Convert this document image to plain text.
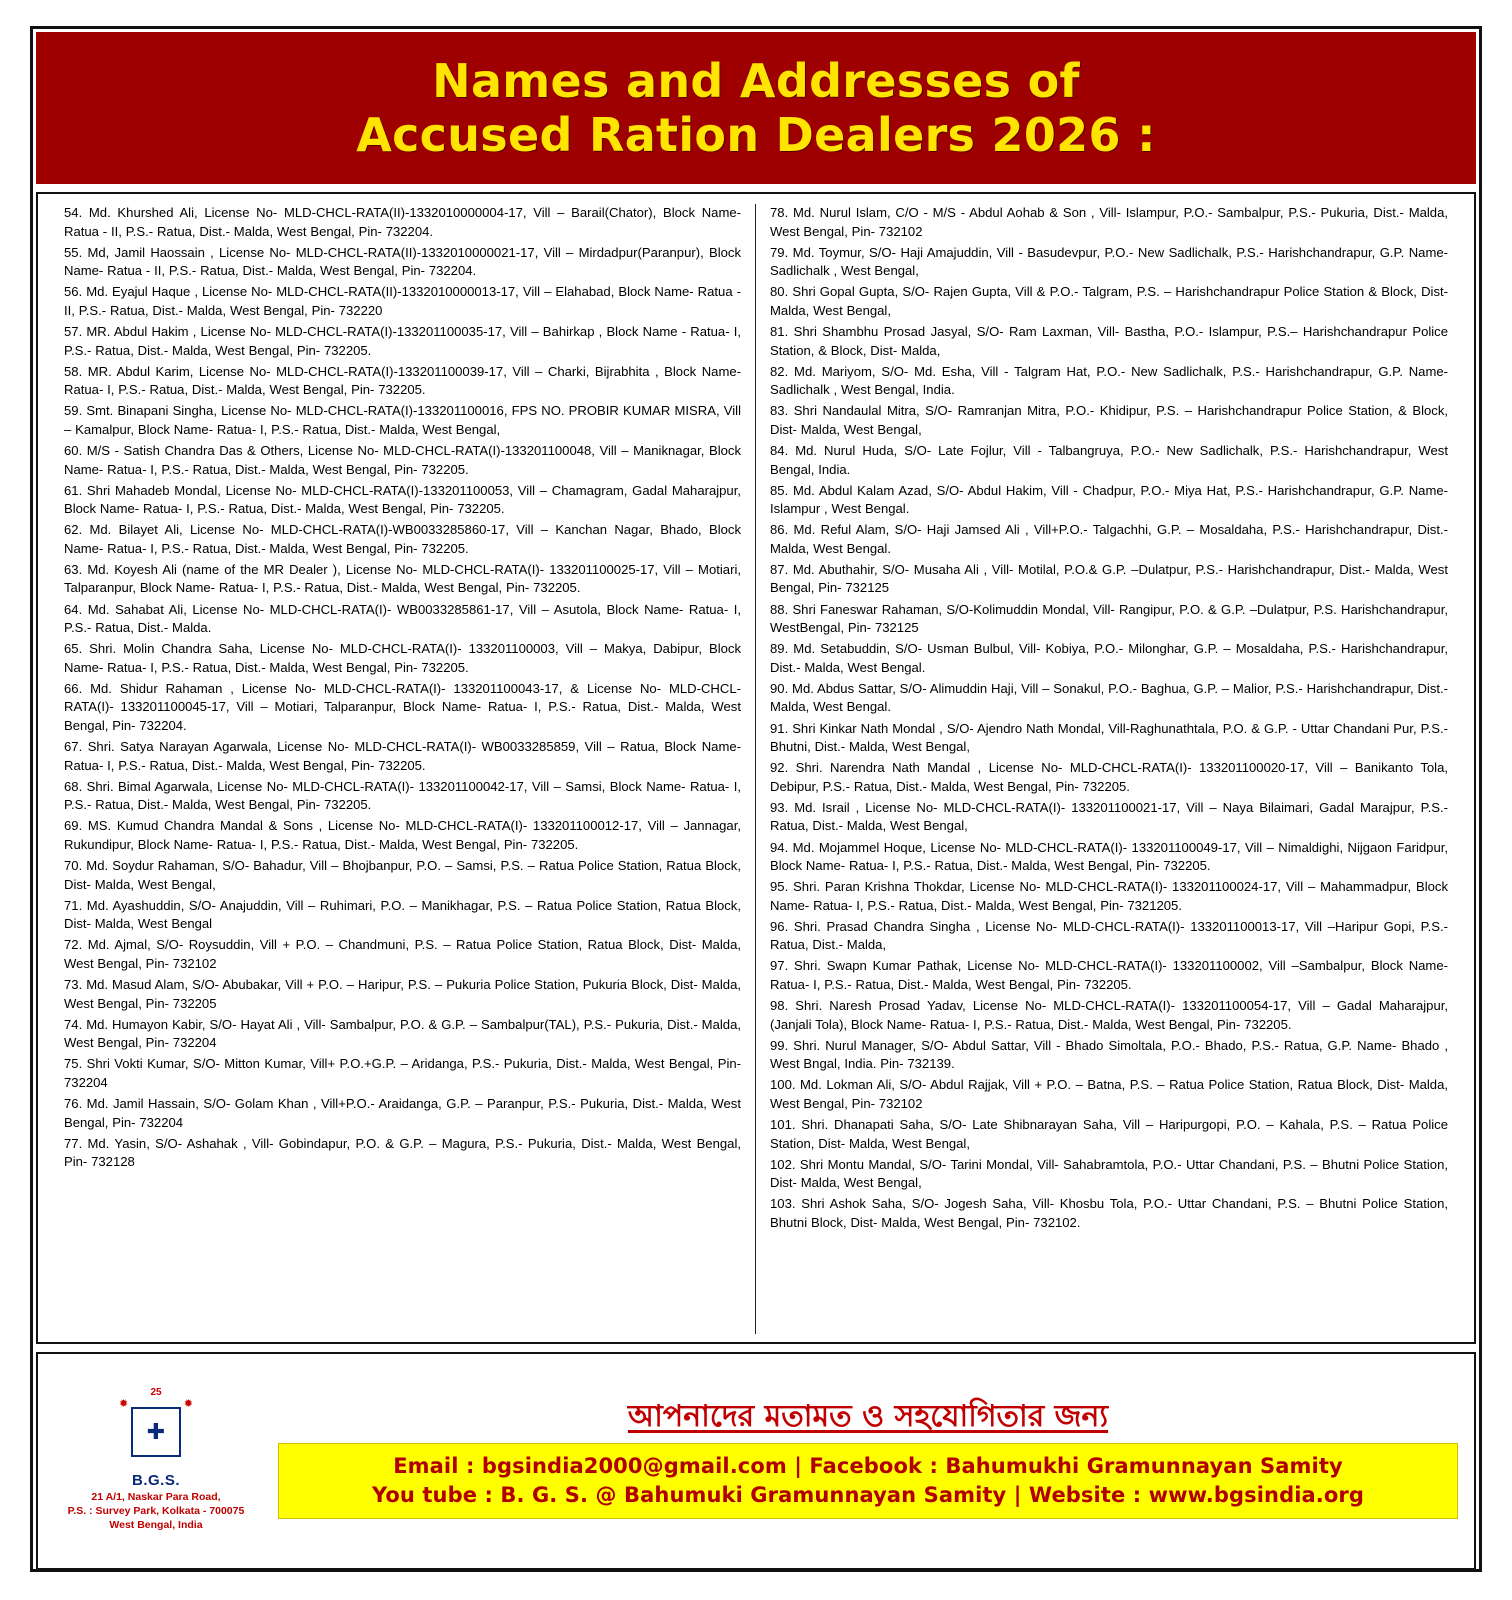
Names and Addresses of
Accused Ration Dealers 2026 :

54. Md. Khurshed Ali, License No- MLD-CHCL-RATA(II)-1332010000004-17, Vill – Barail(Chator), Block Name- Ratua - II, P.S.- Ratua, Dist.- Malda, West Bengal, Pin- 732204.

55. Md, Jamil Haossain , License No- MLD-CHCL-RATA(II)-1332010000021-17, Vill – Mirdadpur(Paranpur), Block Name- Ratua - II, P.S.- Ratua, Dist.- Malda, West Bengal, Pin- 732204.

56. Md. Eyajul Haque , License No- MLD-CHCL-RATA(II)-1332010000013-17, Vill – Elahabad, Block Name- Ratua - II, P.S.- Ratua, Dist.- Malda, West Bengal, Pin- 732220

57. MR. Abdul Hakim , License No- MLD-CHCL-RATA(I)-133201100035-17, Vill – Bahirkap , Block Name - Ratua- I, P.S.- Ratua, Dist.- Malda, West Bengal, Pin- 732205.

58. MR. Abdul Karim, License No- MLD-CHCL-RATA(I)-133201100039-17, Vill – Charki, Bijrabhita , Block Name- Ratua- I, P.S.- Ratua, Dist.- Malda, West Bengal, Pin- 732205.

59. Smt. Binapani Singha, License No- MLD-CHCL-RATA(I)-133201100016, FPS NO. PROBIR KUMAR MISRA, Vill – Kamalpur, Block Name- Ratua- I, P.S.- Ratua, Dist.- Malda, West Bengal,

60. M/S - Satish Chandra Das & Others, License No- MLD-CHCL-RATA(I)-133201100048, Vill – Maniknagar, Block Name- Ratua- I, P.S.- Ratua, Dist.- Malda, West Bengal, Pin- 732205.

61. Shri Mahadeb Mondal, License No- MLD-CHCL-RATA(I)-133201100053, Vill – Chamagram, Gadal Maharajpur, Block Name- Ratua- I, P.S.- Ratua, Dist.- Malda, West Bengal, Pin- 732205.

62. Md. Bilayet Ali, License No- MLD-CHCL-RATA(I)-WB0033285860-17, Vill – Kanchan Nagar, Bhado, Block Name- Ratua- I, P.S.- Ratua, Dist.- Malda, West Bengal, Pin- 732205.

63. Md. Koyesh Ali (name of the MR Dealer ), License No- MLD-CHCL-RATA(I)- 133201100025-17, Vill – Motiari, Talparanpur, Block Name- Ratua- I, P.S.- Ratua, Dist.- Malda, West Bengal, Pin- 732205.

64. Md. Sahabat Ali, License No- MLD-CHCL-RATA(I)- WB0033285861-17, Vill – Asutola, Block Name- Ratua- I, P.S.- Ratua, Dist.- Malda.

65. Shri. Molin Chandra Saha, License No- MLD-CHCL-RATA(I)- 133201100003, Vill – Makya, Dabipur, Block Name- Ratua- I, P.S.- Ratua, Dist.- Malda, West Bengal, Pin- 732205.

66. Md. Shidur Rahaman , License No- MLD-CHCL-RATA(I)- 133201100043-17, & License No- MLD-CHCL-RATA(I)- 133201100045-17, Vill – Motiari, Talparanpur, Block Name- Ratua- I, P.S.- Ratua, Dist.- Malda, West Bengal, Pin- 732204.

67. Shri. Satya Narayan Agarwala, License No- MLD-CHCL-RATA(I)- WB0033285859, Vill – Ratua, Block Name- Ratua- I, P.S.- Ratua, Dist.- Malda, West Bengal, Pin- 732205.

68. Shri. Bimal Agarwala, License No- MLD-CHCL-RATA(I)- 133201100042-17, Vill – Samsi, Block Name- Ratua- I, P.S.- Ratua, Dist.- Malda, West Bengal, Pin- 732205.

69. MS. Kumud Chandra Mandal & Sons , License No- MLD-CHCL-RATA(I)- 133201100012-17, Vill – Jannagar, Rukundipur, Block Name- Ratua- I, P.S.- Ratua, Dist.- Malda, West Bengal, Pin- 732205.

70. Md. Soydur Rahaman, S/O- Bahadur, Vill – Bhojbanpur, P.O. – Samsi, P.S. – Ratua Police Station, Ratua Block, Dist- Malda, West Bengal,

71. Md. Ayashuddin, S/O- Anajuddin, Vill – Ruhimari, P.O. – Manikhagar, P.S. – Ratua Police Station, Ratua Block, Dist- Malda, West Bengal

72. Md. Ajmal, S/O- Roysuddin, Vill + P.O. – Chandmuni, P.S. – Ratua Police Station, Ratua Block, Dist- Malda, West Bengal, Pin- 732102

73. Md. Masud Alam, S/O- Abubakar, Vill + P.O. – Haripur, P.S. – Pukuria Police Station, Pukuria Block, Dist- Malda, West Bengal, Pin- 732205

74. Md. Humayon Kabir, S/O- Hayat Ali , Vill- Sambalpur, P.O. & G.P. – Sambalpur(TAL), P.S.- Pukuria, Dist.- Malda, West Bengal, Pin- 732204

75. Shri Vokti Kumar, S/O- Mitton Kumar, Vill+ P.O.+G.P. – Aridanga, P.S.- Pukuria, Dist.- Malda, West Bengal, Pin- 732204

76. Md. Jamil Hassain, S/O- Golam Khan , Vill+P.O.- Araidanga, G.P. – Paranpur, P.S.- Pukuria, Dist.- Malda, West Bengal, Pin- 732204

77. Md. Yasin, S/O- Ashahak , Vill- Gobindapur, P.O. & G.P. – Magura, P.S.- Pukuria, Dist.- Malda, West Bengal, Pin- 732128

78. Md. Nurul Islam, C/O - M/S - Abdul Aohab & Son , Vill- Islampur, P.O.- Sambalpur, P.S.- Pukuria, Dist.- Malda, West Bengal, Pin- 732102

79. Md. Toymur, S/O- Haji Amajuddin, Vill - Basudevpur, P.O.- New Sadlichalk, P.S.- Harishchandrapur, G.P. Name- Sadlichalk , West Bengal,

80. Shri Gopal Gupta, S/O- Rajen Gupta, Vill & P.O.- Talgram, P.S. – Harishchandrapur Police Station & Block, Dist- Malda, West Bengal,

81. Shri Shambhu Prosad Jasyal, S/O- Ram Laxman, Vill- Bastha, P.O.- Islampur, P.S.– Harishchandrapur Police Station, & Block, Dist- Malda,

82. Md. Mariyom, S/O- Md. Esha, Vill - Talgram Hat, P.O.- New Sadlichalk, P.S.- Harishchandrapur, G.P. Name- Sadlichalk , West Bengal, India.

83. Shri Nandaulal Mitra, S/O- Ramranjan Mitra, P.O.- Khidipur, P.S. – Harishchandrapur Police Station, & Block, Dist- Malda, West Bengal,

84. Md. Nurul Huda, S/O- Late Fojlur, Vill - Talbangruya, P.O.- New Sadlichalk, P.S.- Harishchandrapur, West Bengal, India.

85. Md. Abdul Kalam Azad, S/O- Abdul Hakim, Vill - Chadpur, P.O.- Miya Hat, P.S.- Harishchandrapur, G.P. Name- Islampur , West Bengal.

86. Md. Reful Alam, S/O- Haji Jamsed Ali , Vill+P.O.- Talgachhi, G.P. – Mosaldaha, P.S.- Harishchandrapur, Dist.- Malda, West Bengal.

87. Md. Abuthahir, S/O- Musaha Ali , Vill- Motilal, P.O.& G.P. –Dulatpur, P.S.- Harishchandrapur, Dist.- Malda, West Bengal, Pin- 732125

88. Shri Faneswar Rahaman, S/O-Kolimuddin Mondal, Vill- Rangipur, P.O. & G.P. –Dulatpur, P.S. Harishchandrapur, WestBengal, Pin- 732125

89. Md. Setabuddin, S/O- Usman Bulbul, Vill- Kobiya, P.O.- Milonghar, G.P. – Mosaldaha, P.S.- Harishchandrapur, Dist.- Malda, West Bengal.

90. Md. Abdus Sattar, S/O- Alimuddin Haji, Vill – Sonakul, P.O.- Baghua, G.P. – Malior, P.S.- Harishchandrapur, Dist.- Malda, West Bengal.

91. Shri Kinkar Nath Mondal , S/O- Ajendro Nath Mondal, Vill-Raghunathtala, P.O. & G.P. - Uttar Chandani Pur, P.S.- Bhutni, Dist.- Malda, West Bengal,

92. Shri. Narendra Nath Mandal , License No- MLD-CHCL-RATA(I)- 133201100020-17, Vill – Banikanto Tola, Debipur, P.S.- Ratua, Dist.- Malda, West Bengal, Pin- 732205.

93. Md. Israil , License No- MLD-CHCL-RATA(I)- 133201100021-17, Vill – Naya Bilaimari, Gadal Marajpur, P.S.- Ratua, Dist.- Malda, West Bengal,

94. Md. Mojammel Hoque, License No- MLD-CHCL-RATA(I)- 133201100049-17, Vill – Nimaldighi, Nijgaon Faridpur, Block Name- Ratua- I, P.S.- Ratua, Dist.- Malda, West Bengal, Pin- 732205.

95. Shri. Paran Krishna Thokdar, License No- MLD-CHCL-RATA(I)- 133201100024-17, Vill – Mahammadpur, Block Name- Ratua- I, P.S.- Ratua, Dist.- Malda, West Bengal, Pin- 7321205.

96. Shri. Prasad Chandra Singha , License No- MLD-CHCL-RATA(I)- 133201100013-17, Vill –Haripur Gopi, P.S.- Ratua, Dist.- Malda,

97. Shri. Swapn Kumar Pathak, License No- MLD-CHCL-RATA(I)- 133201100002, Vill –Sambalpur, Block Name- Ratua- I, P.S.- Ratua, Dist.- Malda, West Bengal, Pin- 732205.

98. Shri. Naresh Prosad Yadav, License No- MLD-CHCL-RATA(I)- 133201100054-17, Vill – Gadal Maharajpur,(Janjali Tola), Block Name- Ratua- I, P.S.- Ratua, Dist.- Malda, West Bengal, Pin- 732205.

99. Shri. Nurul Manager, S/O- Abdul Sattar, Vill - Bhado Simoltala, P.O.- Bhado, P.S.- Ratua, G.P. Name- Bhado , West Bngal, India. Pin- 732139.

100. Md. Lokman Ali, S/O- Abdul Rajjak, Vill + P.O. – Batna, P.S. – Ratua Police Station, Ratua Block, Dist- Malda, West Bengal, Pin- 732102

101. Shri. Dhanapati Saha, S/O- Late Shibnarayan Saha, Vill – Haripurgopi, P.O. – Kahala, P.S. – Ratua Police Station, Dist- Malda, West Bengal,

102. Shri Montu Mandal, S/O- Tarini Mondal, Vill- Sahabramtola, P.O.- Uttar Chandani, P.S. – Bhutni Police Station, Dist- Malda, West Bengal,

103. Shri Ashok Saha, S/O- Jogesh Saha, Vill- Khosbu Tola, P.O.- Uttar Chandani, P.S. – Bhutni Police Station, Bhutni Block, Dist- Malda, West Bengal, Pin- 732102.

25
✹	✹
✚
B.G.S.
21 A/1, Naskar Para Road,
P.S. : Survey Park, Kolkata - 700075
West Bengal, India
আপনাদের মতামত ও সহযোগিতার জন্য
Email : bgsindia2000@gmail.com | Facebook : Bahumukhi Gramunnayan Samity
You tube : B. G. S. @ Bahumuki Gramunnayan Samity | Website : www.bgsindia.org
